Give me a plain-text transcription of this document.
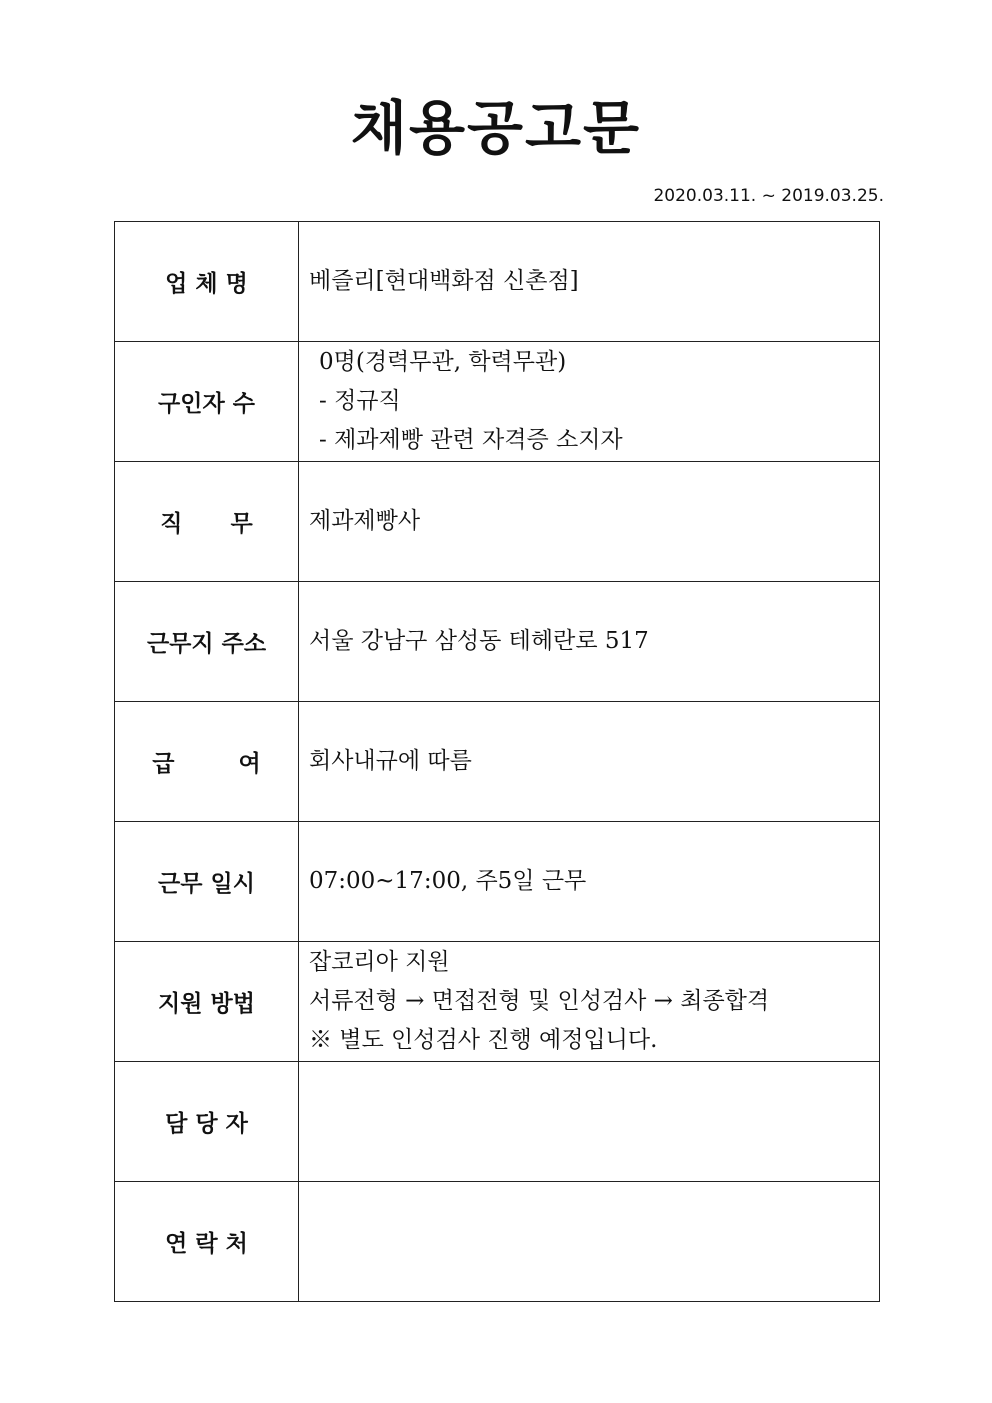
채용공고문
2020.03.11. ~ 2019.03.25.
업 체 명	베즐리[현대백화점 신촌점]

구인자 수	0명(경력무관, 학력무관)
- 정규직
- 제과제빵 관련 자격증 소지자

직      무	제과제빵사

근무지 주소	서울 강남구 삼성동 테헤란로 517

급        여	회사내규에 따름

근무 일시	07:00~17:00, 주5일 근무

지원 방법	잡코리아 지원
서류전형 → 면접전형 및 인성검사 → 최종합격
※ 별도 인성검사 진행 예정입니다.

담 당 자	
연 락 처	
